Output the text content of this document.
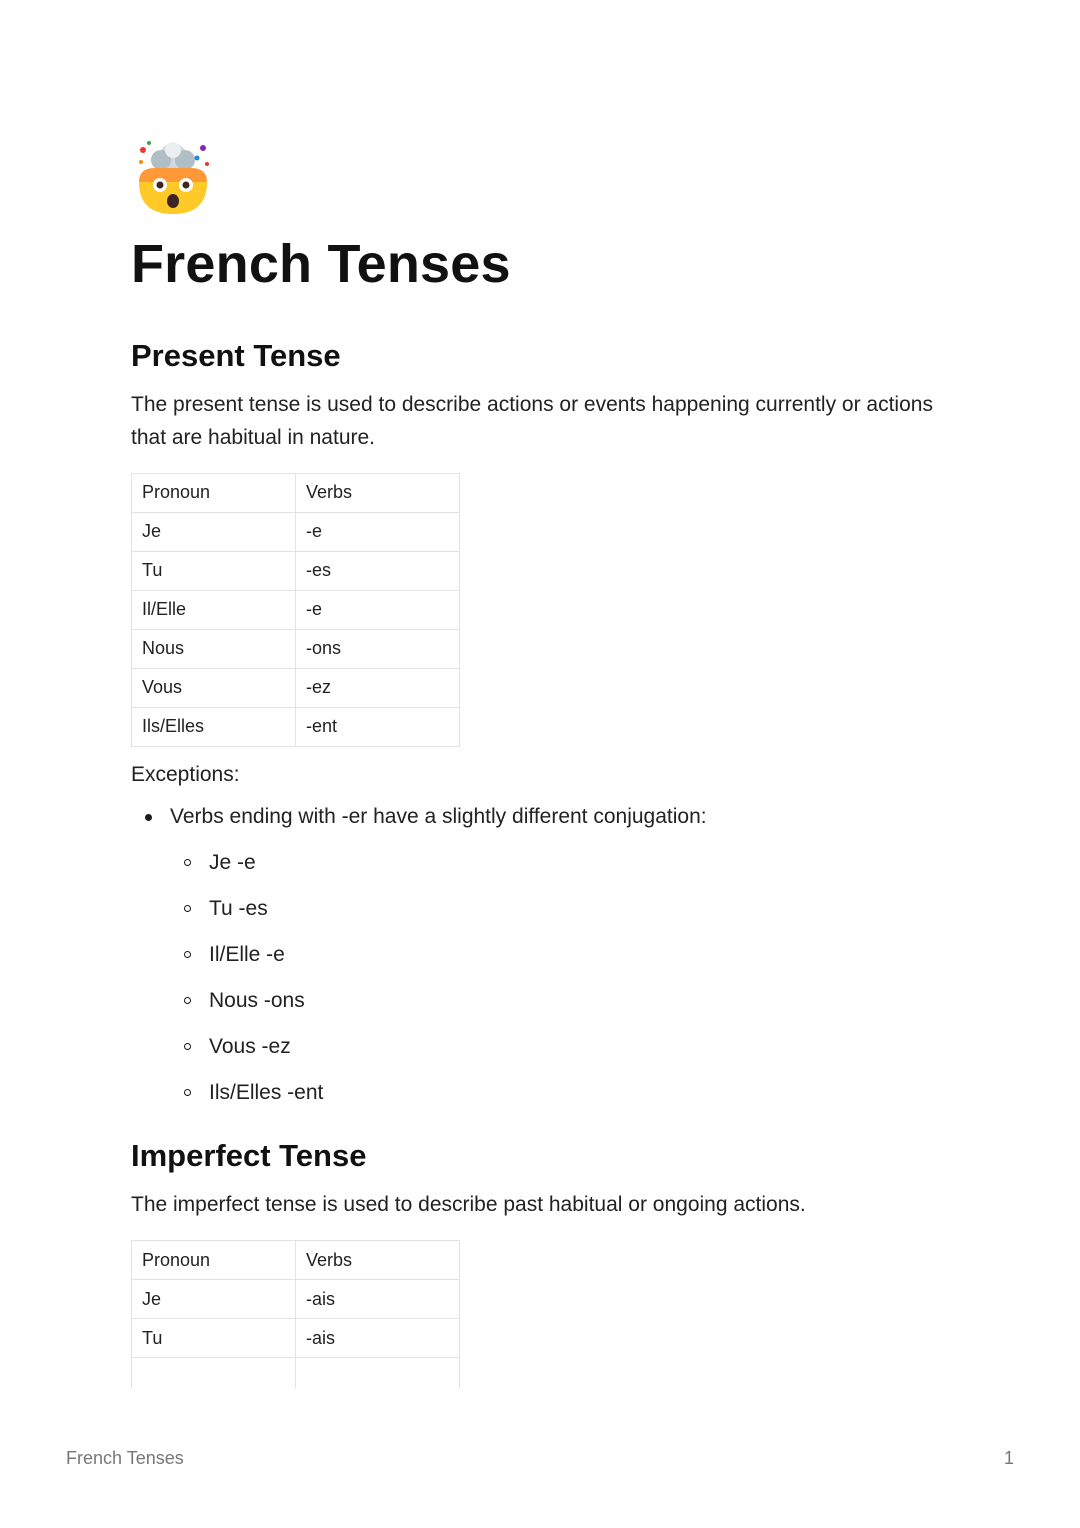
French Tenses
Present Tense

The present tense is used to describe actions or events happening currently or actions that are habitual in nature.

Pronoun	Verbs
Je	-e
Tu	-es
Il/Elle	-e
Nous	-ons
Vous	-ez
Ils/Elles	-ent

Exceptions:

Verbs ending with -er have a slightly different conjugation:
Je -e
Tu -es
Il/Elle -e
Nous -ons
Vous -ez
Ils/Elles -ent
Imperfect Tense

The imperfect tense is used to describe past habitual or ongoing actions.

Pronoun	Verbs
Je	-ais
Tu	-ais

French Tenses	1
